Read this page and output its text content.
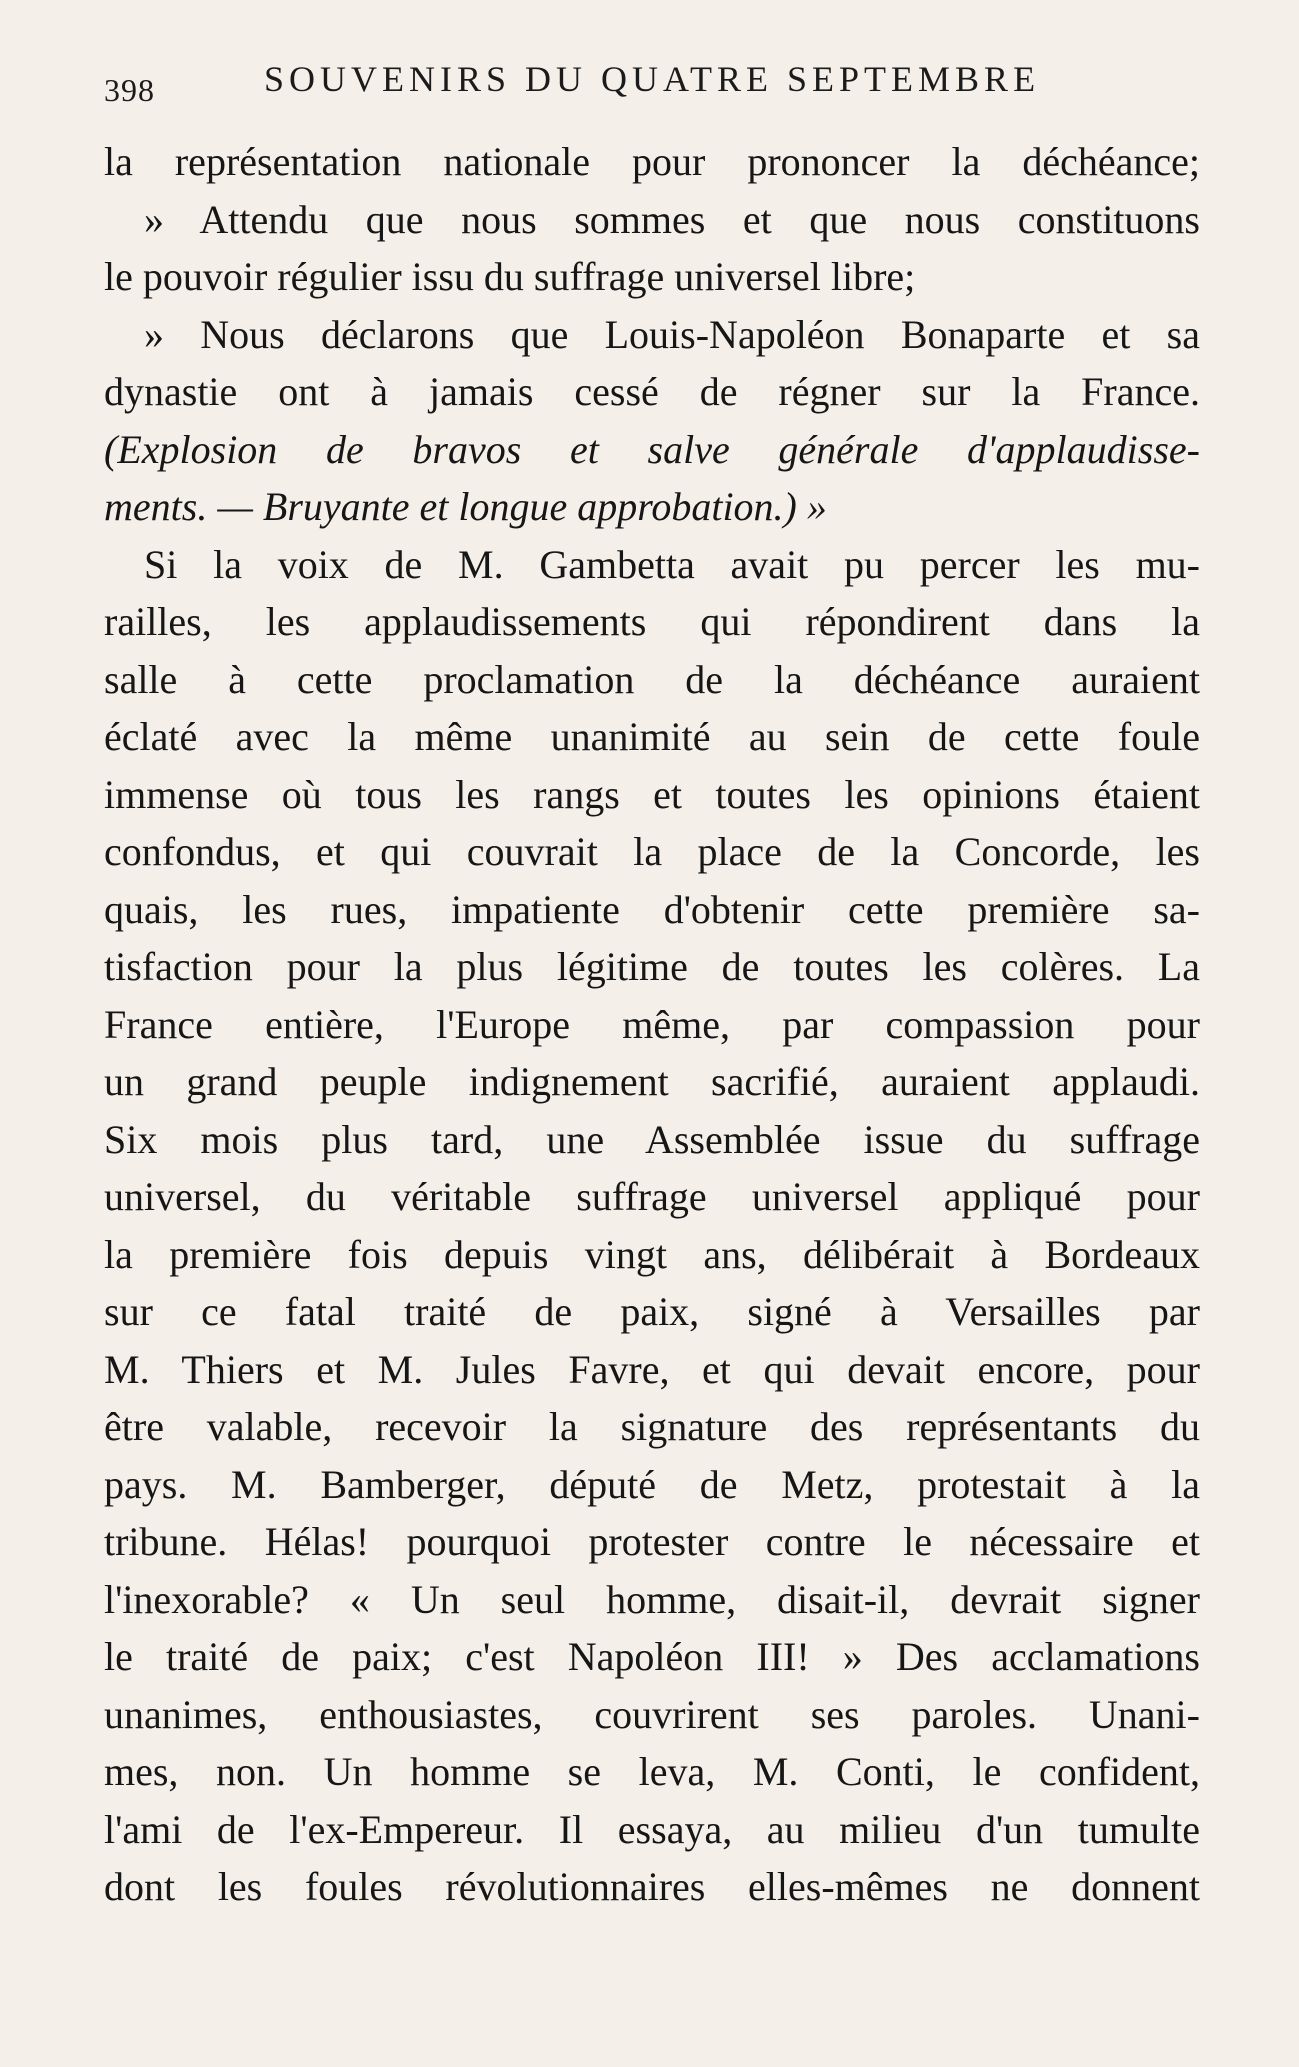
398	SOUVENIRS DU QUATRE SEPTEMBRE
la représentation nationale pour prononcer la déchéance;
» Attendu que nous sommes et que nous constituons
le pouvoir régulier issu du suffrage universel libre;
» Nous déclarons que Louis-Napoléon Bonaparte et sa
dynastie ont à jamais cessé de régner sur la France.
(Explosion de bravos et salve générale d'applaudisse-
ments. — Bruyante et longue approbation.) »
Si la voix de M. Gambetta avait pu percer les mu-
railles, les applaudissements qui répondirent dans la
salle à cette proclamation de la déchéance auraient
éclaté avec la même unanimité au sein de cette foule
immense où tous les rangs et toutes les opinions étaient
confondus, et qui couvrait la place de la Concorde, les
quais, les rues, impatiente d'obtenir cette première sa-
tisfaction pour la plus légitime de toutes les colères. La
France entière, l'Europe même, par compassion pour
un grand peuple indignement sacrifié, auraient applaudi.
Six mois plus tard, une Assemblée issue du suffrage
universel, du véritable suffrage universel appliqué pour
la première fois depuis vingt ans, délibérait à Bordeaux
sur ce fatal traité de paix, signé à Versailles par
M. Thiers et M. Jules Favre, et qui devait encore, pour
être valable, recevoir la signature des représentants du
pays. M. Bamberger, député de Metz, protestait à la
tribune. Hélas! pourquoi protester contre le nécessaire et
l'inexorable? « Un seul homme, disait-il, devrait signer
le traité de paix; c'est Napoléon III! » Des acclamations
unanimes, enthousiastes, couvrirent ses paroles. Unani-
mes, non. Un homme se leva, M. Conti, le confident,
l'ami de l'ex-Empereur. Il essaya, au milieu d'un tumulte
dont les foules révolutionnaires elles-mêmes ne donnent
